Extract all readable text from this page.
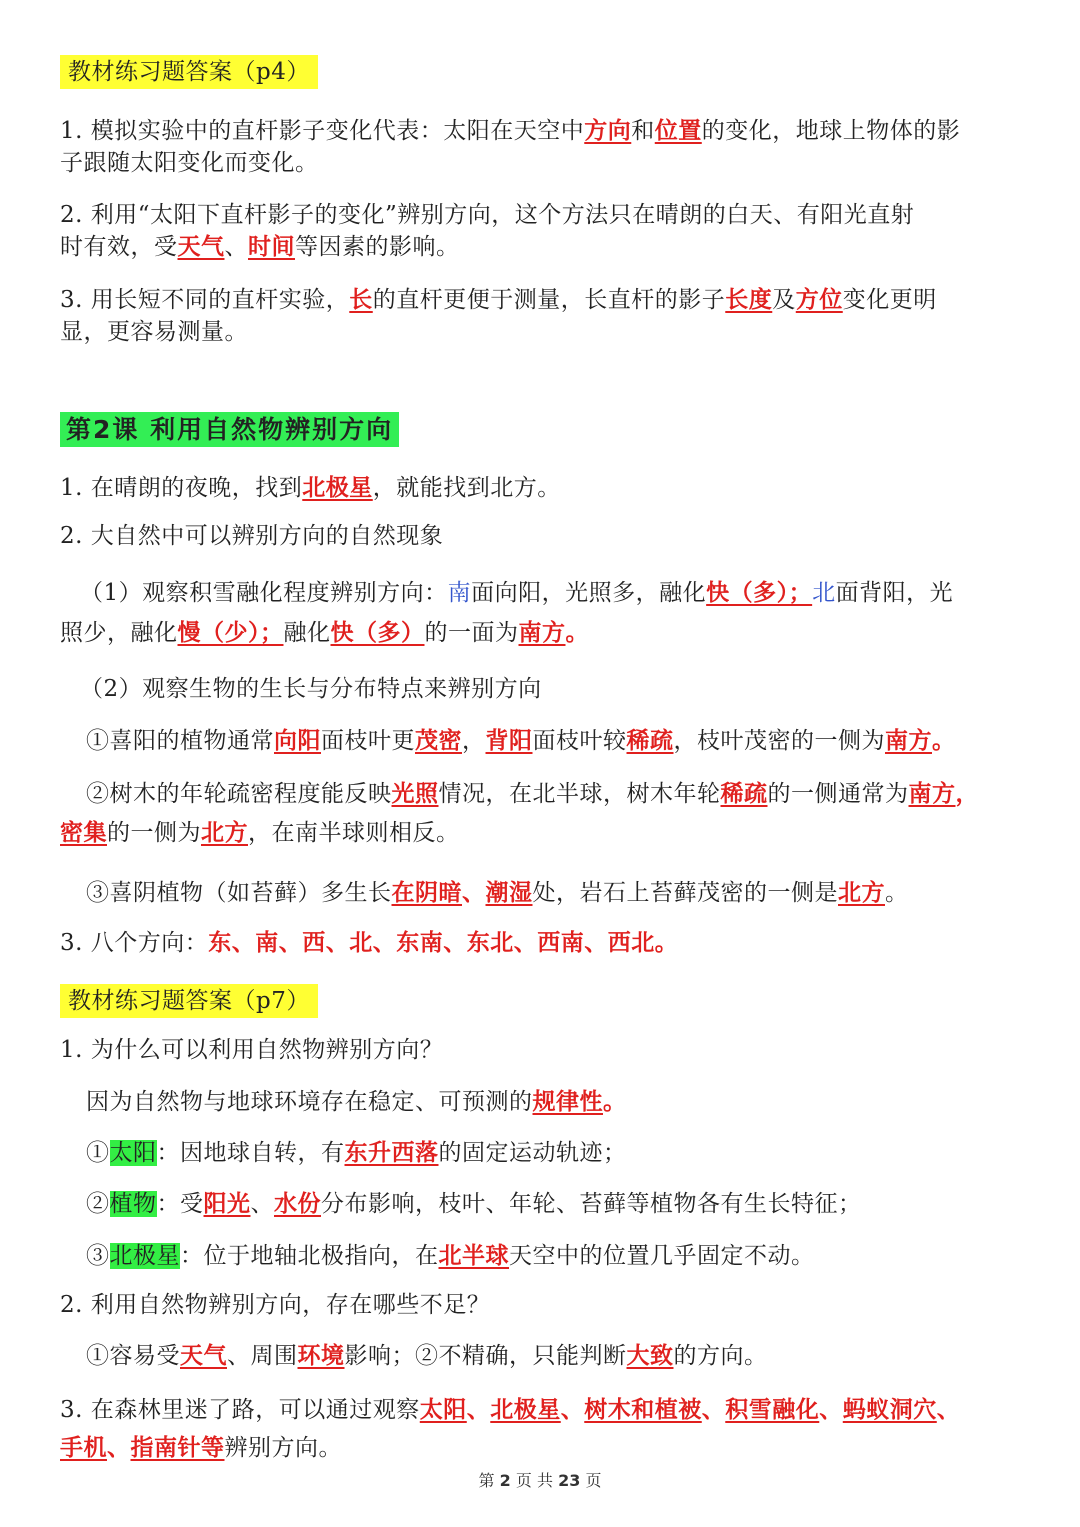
教材练习题答案（p4）
1. 模拟实验中的直杆影子变化代表：太阳在天空中方向和位置的变化，地球上物体的影
子跟随太阳变化而变化。
2. 利用“太阳下直杆影子的变化”辨别方向，这个方法只在晴朗的白天、有阳光直射
时有效，受天气、时间等因素的影响。
3. 用长短不同的直杆实验，长的直杆更便于测量，长直杆的影子长度及方位变化更明
显，更容易测量。
第2课 利用自然物辨别方向
1. 在晴朗的夜晚，找到北极星，就能找到北方。
2. 大自然中可以辨别方向的自然现象
（1）观察积雪融化程度辨别方向：南面向阳，光照多，融化快（多）；北面背阳，光
照少，融化慢（少）；融化快（多）的一面为南方。
（2）观察生物的生长与分布特点来辨别方向
①喜阳的植物通常向阳面枝叶更茂密，背阳面枝叶较稀疏，枝叶茂密的一侧为南方。
②树木的年轮疏密程度能反映光照情况，在北半球，树木年轮稀疏的一侧通常为南方，
密集的一侧为北方，在南半球则相反。
③喜阴植物（如苔藓）多生长在阴暗、潮湿处，岩石上苔藓茂密的一侧是北方。
3. 八个方向：东、南、西、北、东南、东北、西南、西北。
教材练习题答案（p7）
1. 为什么可以利用自然物辨别方向？
因为自然物与地球环境存在稳定、可预测的规律性。
①太阳：因地球自转，有东升西落的固定运动轨迹；
②植物：受阳光、水份分布影响，枝叶、年轮、苔藓等植物各有生长特征；
③北极星：位于地轴北极指向，在北半球天空中的位置几乎固定不动。
2. 利用自然物辨别方向，存在哪些不足？
①容易受天气、周围环境影响；②不精确，只能判断大致的方向。
3. 在森林里迷了路，可以通过观察太阳、北极星、树木和植被、积雪融化、蚂蚁洞穴、
手机、指南针等辨别方向。
第 2 页 共 23 页
